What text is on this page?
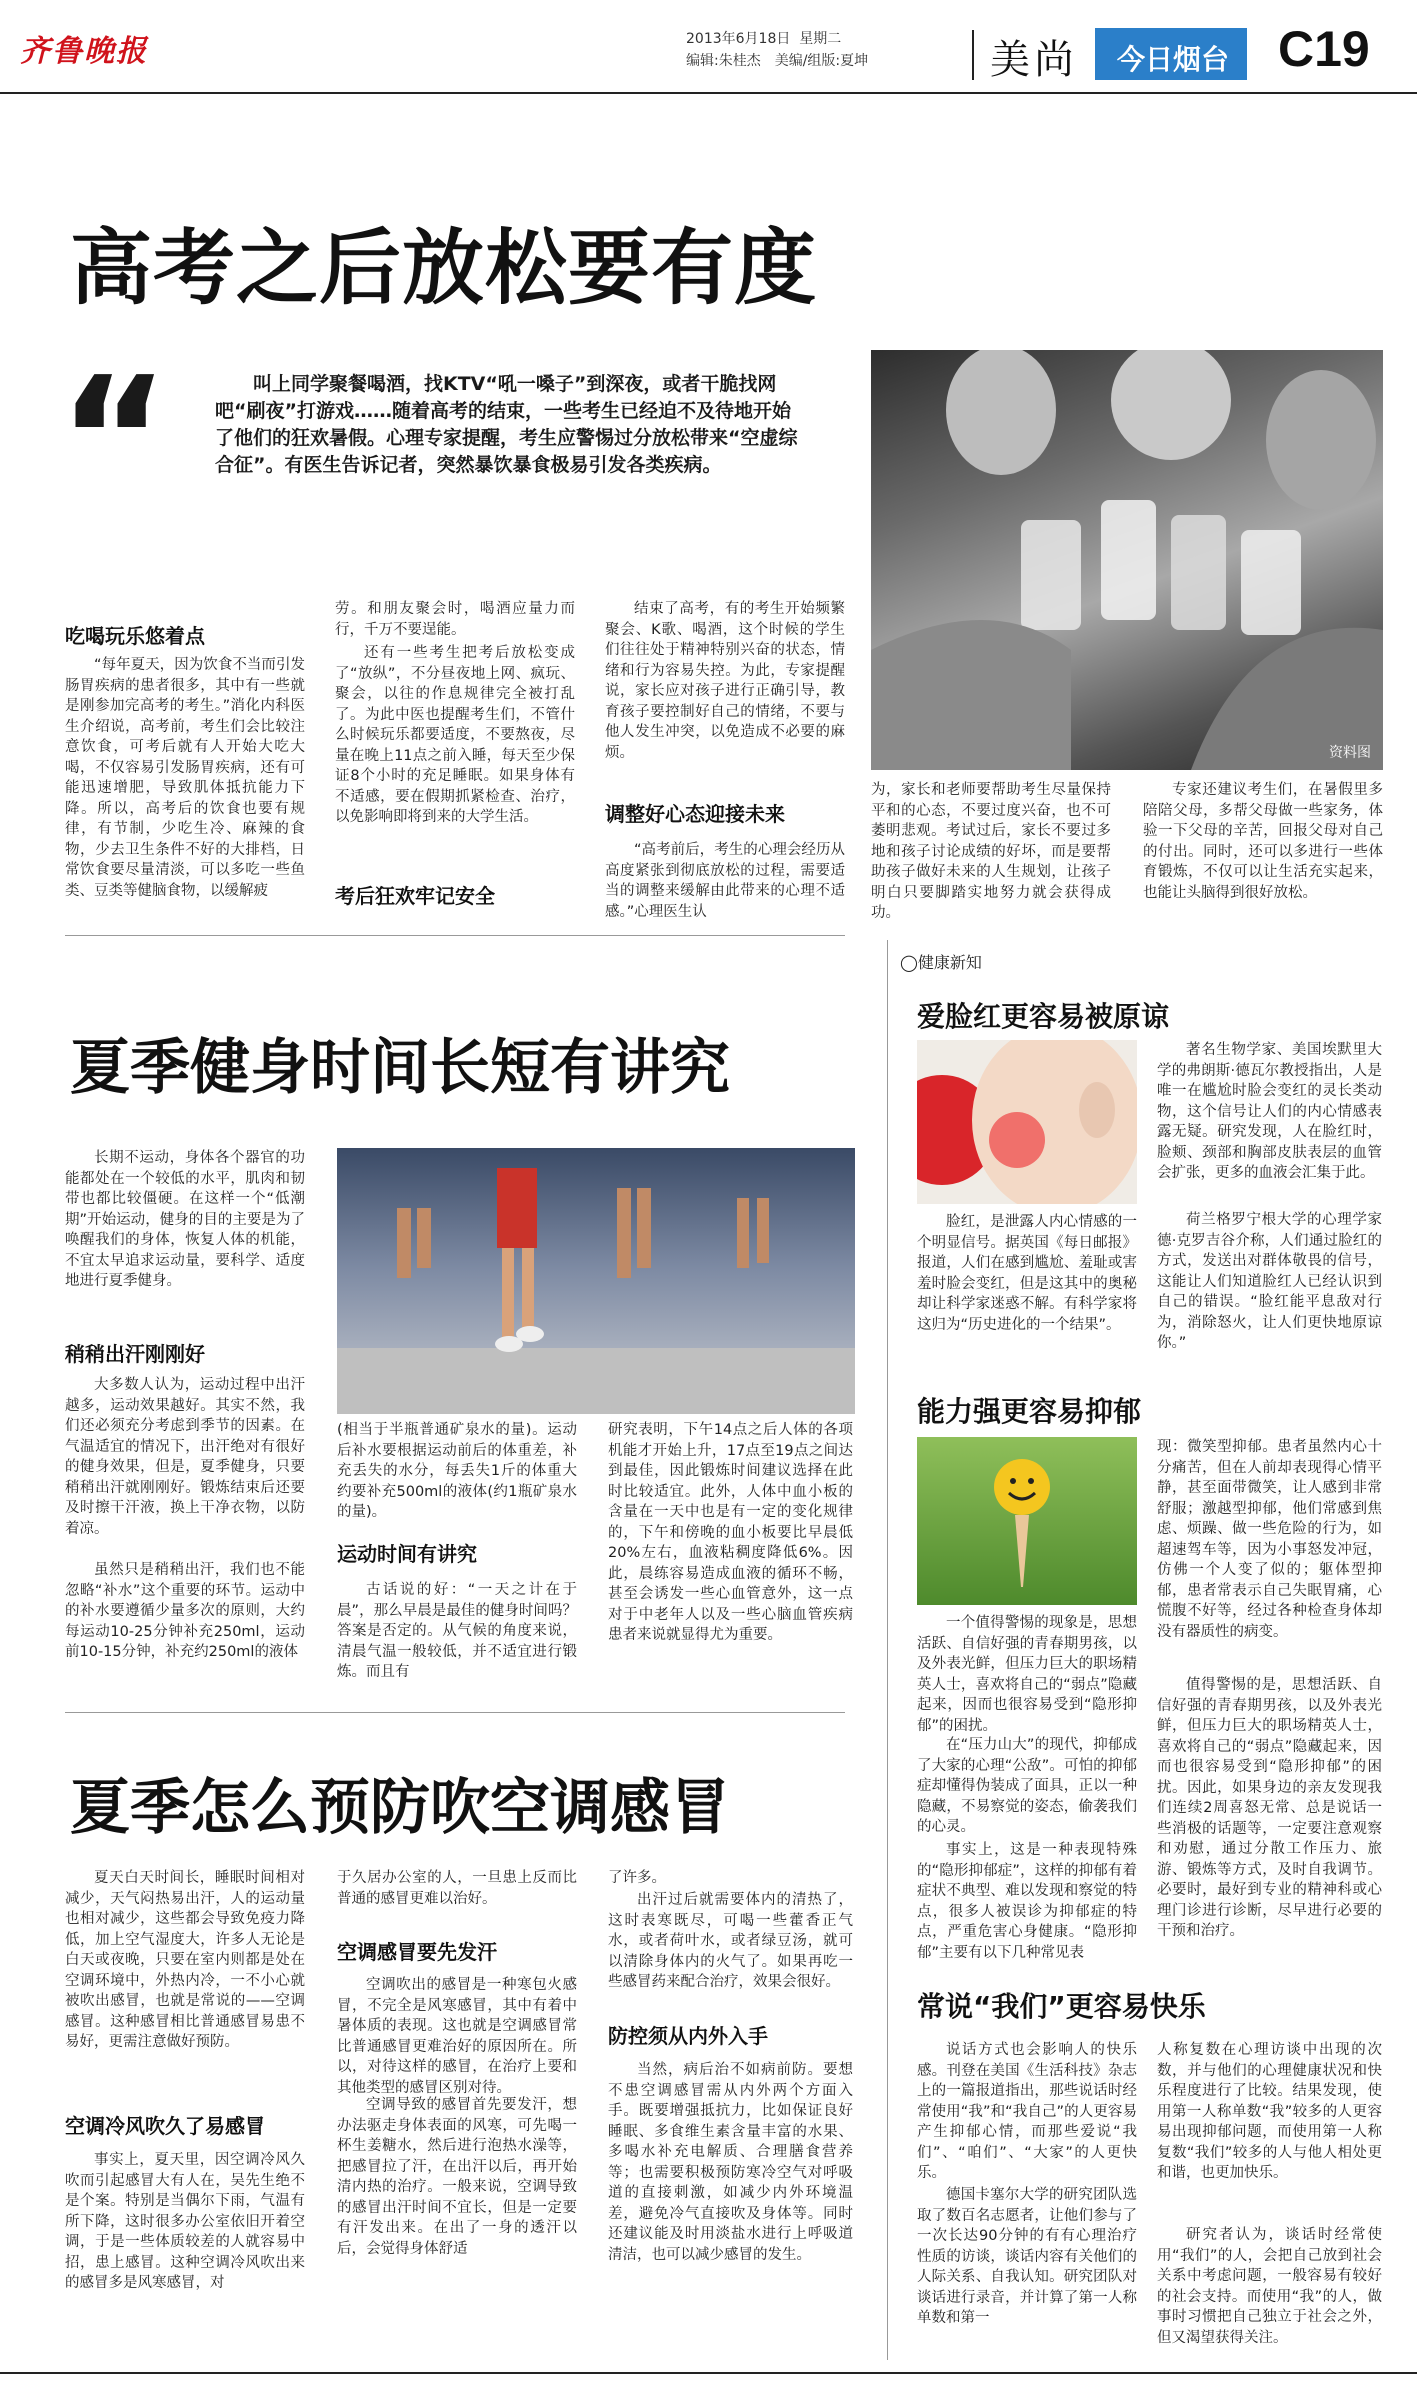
齐鲁晚报	2013年6月18日 星期二
编辑:朱桂杰　美编/组版:夏坤	美尚 今日烟台 C19
高考之后放松要有度
“	叫上同学聚餐喝酒，找KTV“吼一嗓子”到深夜，或者干脆找网吧“刷夜”打游戏……随着高考的结束，一些考生已经迫不及待地开始了他们的狂欢暑假。心理专家提醒，考生应警惕过分放松带来“空虚综合征”。有医生告诉记者，突然暴饮暴食极易引发各类疾病。
资料图
吃喝玩乐悠着点
“每年夏天，因为饮食不当而引发肠胃疾病的患者很多，其中有一些就是刚参加完高考的考生。”消化内科医生介绍说，高考前，考生们会比较注意饮食，可考后就有人开始大吃大喝，不仅容易引发肠胃疾病，还有可能迅速增肥，导致肌体抵抗能力下降。所以，高考后的饮食也要有规律，有节制，少吃生冷、麻辣的食物，少去卫生条件不好的大排档，日常饮食要尽量清淡，可以多吃一些鱼类、豆类等健脑食物，以缓解疲
劳。和朋友聚会时，喝酒应量力而行，千万不要逞能。
还有一些考生把考后放松变成了“放纵”，不分昼夜地上网、疯玩、聚会，以往的作息规律完全被打乱了。为此中医也提醒考生们，不管什么时候玩乐都要适度，不要熬夜，尽量在晚上11点之前入睡，每天至少保证8个小时的充足睡眠。如果身体有不适感，要在假期抓紧检查、治疗，以免影响即将到来的大学生活。
考后狂欢牢记安全
结束了高考，有的考生开始频繁聚会、K歌、喝酒，这个时候的学生们往往处于精神特别兴奋的状态，情绪和行为容易失控。为此，专家提醒说，家长应对孩子进行正确引导，教育孩子要控制好自己的情绪，不要与他人发生冲突，以免造成不必要的麻烦。
调整好心态迎接未来
“高考前后，考生的心理会经历从高度紧张到彻底放松的过程，需要适当的调整来缓解由此带来的心理不适感。”心理医生认
为，家长和老师要帮助考生尽量保持平和的心态，不要过度兴奋，也不可萎明悲观。考试过后，家长不要过多地和孩子讨论成绩的好坏，而是要帮助孩子做好未来的人生规划，让孩子明白只要脚踏实地努力就会获得成功。
专家还建议考生们，在暑假里多陪陪父母，多帮父母做一些家务，体验一下父母的辛苦，回报父母对自己的付出。同时，还可以多进行一些体育锻炼，不仅可以让生活充实起来，也能让头脑得到很好放松。
夏季健身时间长短有讲究
长期不运动，身体各个器官的功能都处在一个较低的水平，肌肉和韧带也都比较僵硬。在这样一个“低潮期”开始运动，健身的目的主要是为了唤醒我们的身体，恢复人体的机能，不宜太早追求运动量，要科学、适度地进行夏季健身。
稍稍出汗刚刚好
大多数人认为，运动过程中出汗越多，运动效果越好。其实不然，我们还必须充分考虑到季节的因素。在气温适宜的情况下，出汗绝对有很好的健身效果，但是，夏季健身，只要稍稍出汗就刚刚好。锻炼结束后还要及时擦干汗液，换上干净衣物，以防着凉。
虽然只是稍稍出汗，我们也不能忽略“补水”这个重要的环节。运动中的补水要遵循少量多次的原则，大约每运动10-25分钟补充250ml，运动前10-15分钟，补充约250ml的液体
(相当于半瓶普通矿泉水的量)。运动后补水要根据运动前后的体重差，补充丢失的水分，每丢失1斤的体重大约要补充500ml的液体(约1瓶矿泉水的量)。
运动时间有讲究
古话说的好：“一天之计在于晨”，那么早晨是最佳的健身时间吗？答案是否定的。从气候的角度来说，清晨气温一般较低，并不适宜进行锻炼。而且有
研究表明，下午14点之后人体的各项机能才开始上升，17点至19点之间达到最佳，因此锻炼时间建议选择在此时比较适宜。此外，人体中血小板的含量在一天中也是有一定的变化规律的，下午和傍晚的血小板要比早晨低20%左右，血液粘稠度降低6%。因此，晨练容易造成血液的循环不畅，甚至会诱发一些心血管意外，这一点对于中老年人以及一些心脑血管疾病患者来说就显得尤为重要。
夏季怎么预防吹空调感冒
夏天白天时间长，睡眠时间相对减少，天气闷热易出汗，人的运动量也相对减少，这些都会导致免疫力降低，加上空气湿度大，许多人无论是白天或夜晚，只要在室内则都是处在空调环境中，外热内冷，一不小心就被吹出感冒，也就是常说的——空调感冒。这种感冒相比普通感冒易患不易好，更需注意做好预防。
空调冷风吹久了易感冒
事实上，夏天里，因空调冷风久吹而引起感冒大有人在，吴先生绝不是个案。特别是当偶尔下雨，气温有所下降，这时很多办公室依旧开着空调，于是一些体质较差的人就容易中招，患上感冒。这种空调冷风吹出来的感冒多是风寒感冒，对
于久居办公室的人，一旦患上反而比普通的感冒更难以治好。
空调感冒要先发汗
空调吹出的感冒是一种寒包火感冒，不完全是风寒感冒，其中有着中暑体质的表现。这也就是空调感冒常比普通感冒更难治好的原因所在。所以，对待这样的感冒，在治疗上要和其他类型的感冒区别对待。
空调导致的感冒首先要发汗，想办法驱走身体表面的风寒，可先喝一杯生姜糖水，然后进行泡热水澡等，把感冒拉了汗，在出汗以后，再开始清内热的治疗。一般来说，空调导致的感冒出汗时间不宜长，但是一定要有汗发出来。在出了一身的透汗以后，会觉得身体舒适
了许多。
出汗过后就需要体内的清热了，这时表寒既尽，可喝一些藿香正气水，或者荷叶水，或者绿豆汤，就可以清除身体内的火气了。如果再吃一些感冒药来配合治疗，效果会很好。
防控须从内外入手
当然，病后治不如病前防。要想不患空调感冒需从内外两个方面入手。既要增强抵抗力，比如保证良好睡眠、多食维生素含量丰富的水果、多喝水补充电解质、合理膳食营养等；也需要积极预防寒冷空气对呼吸道的直接刺激，如减少内外环境温差，避免冷气直接吹及身体等。同时还建议能及时用淡盐水进行上呼吸道清洁，也可以减少感冒的发生。
◯健康新知
爱脸红更容易被原谅
脸红，是泄露人内心情感的一个明显信号。据英国《每日邮报》报道，人们在感到尴尬、羞耻或害羞时脸会变红，但是这其中的奥秘却让科学家迷惑不解。有科学家将这归为“历史进化的一个结果”。
著名生物学家、美国埃默里大学的弗朗斯·德瓦尔教授指出，人是唯一在尴尬时脸会变红的灵长类动物，这个信号让人们的内心情感表露无疑。研究发现，人在脸红时，脸颊、颈部和胸部皮肤表层的血管会扩张，更多的血液会汇集于此。
荷兰格罗宁根大学的心理学家德·克罗吉谷介称，人们通过脸红的方式，发送出对群体敬畏的信号，这能让人们知道脸红人已经认识到自己的错误。“脸红能平息敌对行为，消除怒火，让人们更快地原谅你。”
能力强更容易抑郁
一个值得警惕的现象是，思想活跃、自信好强的青春期男孩，以及外表光鲜，但压力巨大的职场精英人士，喜欢将自己的“弱点”隐藏起来，因而也很容易受到“隐形抑郁”的困扰。
在“压力山大”的现代，抑郁成了大家的心理“公敌”。可怕的抑郁症却懂得伪装成了面具，正以一种隐藏，不易察觉的姿态，偷袭我们的心灵。
事实上，这是一种表现特殊的“隐形抑郁症”，这样的抑郁有着症状不典型、难以发现和察觉的特点，很多人被误诊为抑郁症的特点，严重危害心身健康。“隐形抑郁”主要有以下几种常见表
现：微笑型抑郁。患者虽然内心十分痛苦，但在人前却表现得心情平静，甚至面带微笑，让人感到非常舒服；激越型抑郁，他们常感到焦虑、烦躁、做一些危险的行为，如超速驾车等，因为小事怒发冲冠，仿佛一个人变了似的；躯体型抑郁，患者常表示自己失眠胃痛，心慌腹不好等，经过各种检查身体却没有器质性的病变。
值得警惕的是，思想活跃、自信好强的青春期男孩，以及外表光鲜，但压力巨大的职场精英人士，喜欢将自己的“弱点”隐藏起来，因而也很容易受到“隐形抑郁”的困扰。因此，如果身边的亲友发现我们连续2周喜怒无常、总是说话一些消极的话题等，一定要注意观察和劝慰，通过分散工作压力、旅游、锻炼等方式，及时自我调节。必要时，最好到专业的精神科或心理门诊进行诊断，尽早进行必要的干预和治疗。
常说“我们”更容易快乐
说话方式也会影响人的快乐感。刊登在美国《生活科技》杂志上的一篇报道指出，那些说话时经常使用“我”和“我自己”的人更容易产生抑郁心情，而那些爱说“我们”、“咱们”、“大家”的人更快乐。
德国卡塞尔大学的研究团队选取了数百名志愿者，让他们参与了一次长达90分钟的有有心理治疗性质的访谈，谈话内容有关他们的人际关系、自我认知。研究团队对谈话进行录音，并计算了第一人称单数和第一
人称复数在心理访谈中出现的次数，并与他们的心理健康状况和快乐程度进行了比较。结果发现，使用第一人称单数“我”较多的人更容易出现抑郁问题，而使用第一人称复数“我们”较多的人与他人相处更和谐，也更加快乐。
研究者认为，谈话时经常使用“我们”的人，会把自己放到社会关系中考虑问题，一般容易有较好的社会支持。而使用“我”的人，做事时习惯把自己独立于社会之外，但又渴望获得关注。
